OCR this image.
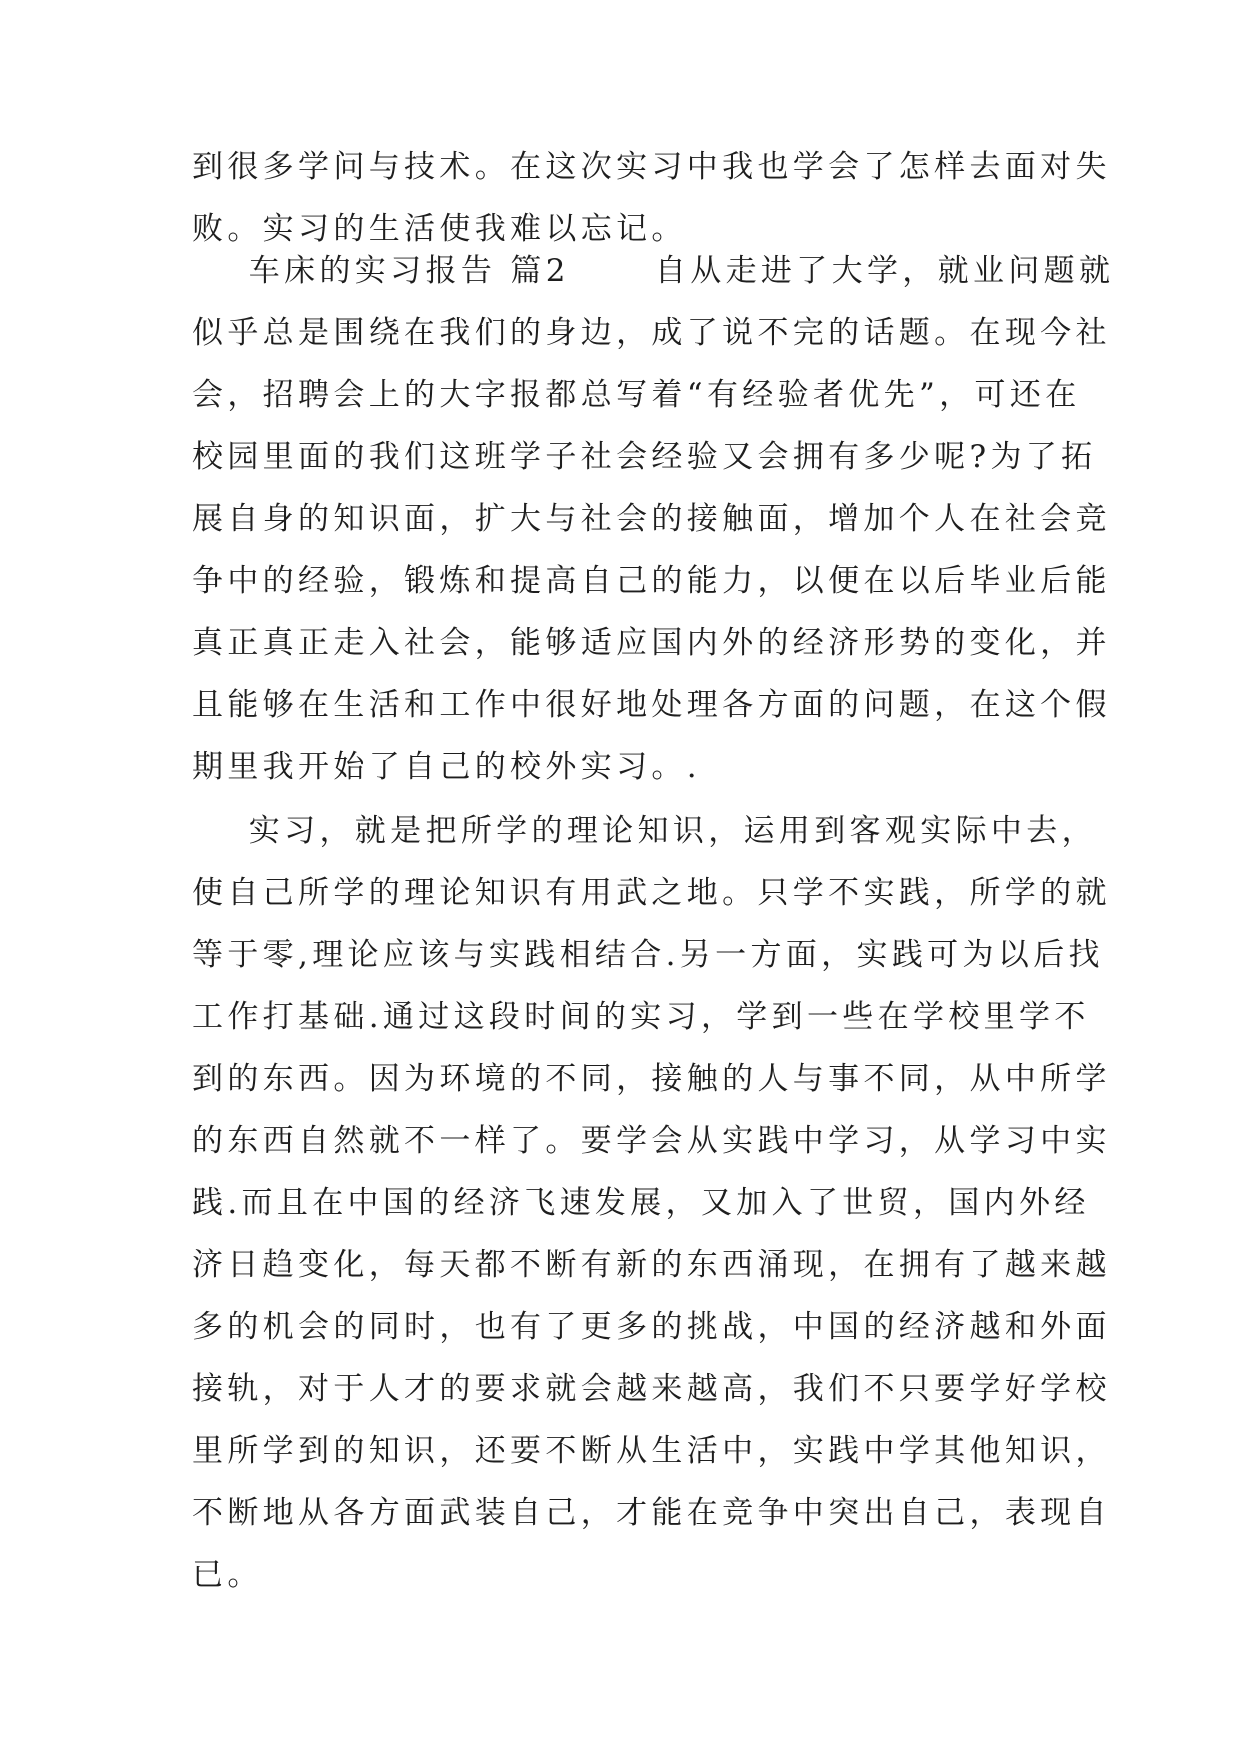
到很多学问与技术。在这次实习中我也学会了怎样去面对失
败。实习的生活使我难以忘记。
车床的实习报告 篇2      自从走进了大学，就业问题就
似乎总是围绕在我们的身边，成了说不完的话题。在现今社
会，招聘会上的大字报都总写着“有经验者优先”，可还在
校园里面的我们这班学子社会经验又会拥有多少呢?为了拓
展自身的知识面，扩大与社会的接触面，增加个人在社会竞
争中的经验，锻炼和提高自己的能力，以便在以后毕业后能
真正真正走入社会，能够适应国内外的经济形势的变化，并
且能够在生活和工作中很好地处理各方面的问题，在这个假
期里我开始了自己的校外实习。.
实习，就是把所学的理论知识，运用到客观实际中去，
使自己所学的理论知识有用武之地。只学不实践，所学的就
等于零,理论应该与实践相结合.另一方面，实践可为以后找
工作打基础.通过这段时间的实习，学到一些在学校里学不
到的东西。因为环境的不同，接触的人与事不同，从中所学
的东西自然就不一样了。要学会从实践中学习，从学习中实
践.而且在中国的经济飞速发展，又加入了世贸，国内外经
济日趋变化，每天都不断有新的东西涌现，在拥有了越来越
多的机会的同时，也有了更多的挑战，中国的经济越和外面
接轨，对于人才的要求就会越来越高，我们不只要学好学校
里所学到的知识，还要不断从生活中，实践中学其他知识，
不断地从各方面武装自己，才能在竞争中突出自己，表现自
已。
